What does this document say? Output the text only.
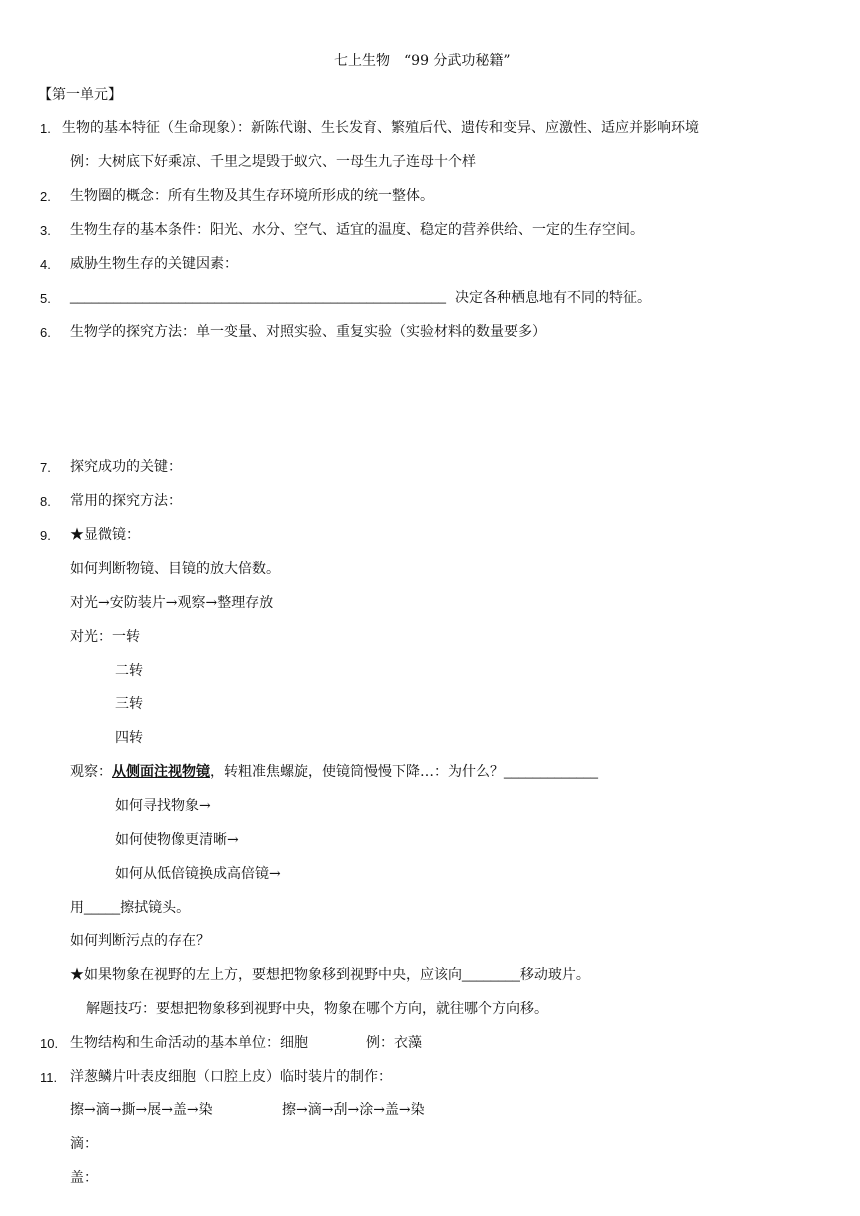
七上生物　“99 分武功秘籍”
【第一单元】
1. 生物的基本特征（生命现象）：新陈代谢、生长发育、繁殖后代、遗传和变异、应激性、适应并影响环境
例：大树底下好乘凉、千里之堤毁于蚁穴、一母生九子连母十个样
2. 生物圈的概念：所有生物及其生存环境所形成的统一整体。
3. 生物生存的基本条件：阳光、水分、空气、适宜的温度、稳定的营养供给、一定的生存空间。
4. 威胁生物生存的关键因素：
5. ____________________________________________________ 决定各种栖息地有不同的特征。
6. 生物学的探究方法：单一变量、对照实验、重复实验（实验材料的数量要多）
7. 探究成功的关键：
8. 常用的探究方法：
9. ★显微镜：
如何判断物镜、目镜的放大倍数。
对光→安防装片→观察→整理存放
对光：一转
二转
三转
四转
观察：从侧面注视物镜，转粗准焦螺旋，使镜筒慢慢下降…：为什么？_____________
如何寻找物象→
如何使物像更清晰→
如何从低倍镜换成高倍镜→
用_____擦拭镜头。
如何判断污点的存在？
★如果物象在视野的左上方，要想把物象移到视野中央，应该向________移动玻片。
解题技巧：要想把物象移到视野中央，物象在哪个方向，就往哪个方向移。
10. 生物结构和生命活动的基本单位：细胞	例：衣藻
11. 洋葱鳞片叶表皮细胞（口腔上皮）临时装片的制作：
擦→滴→撕→展→盖→染	擦→滴→刮→涂→盖→染
滴：
盖：
